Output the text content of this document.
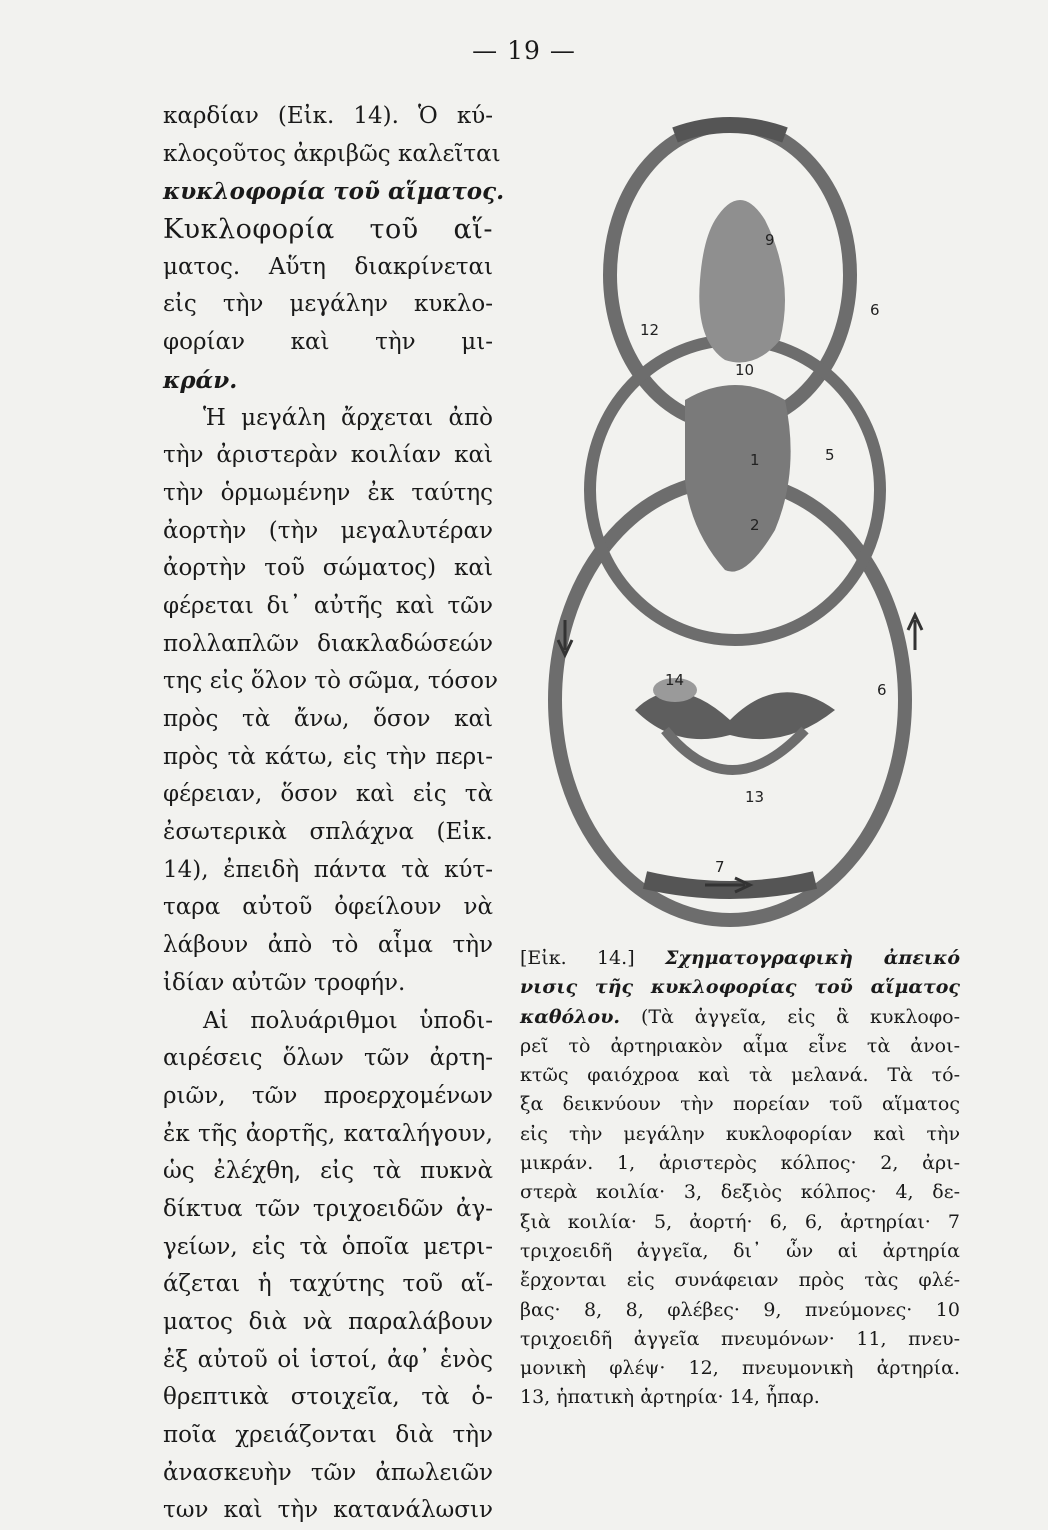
— 19 —
καρδίαν (Εἰκ. 14). Ὁ κύ-
κλοςοῦτος ἀκριβῶς καλεῖται
κυκλοφορία τοῦ αἵματος.
Κυκλοφορία τοῦ αἵ-
ματος. Αὕτη διακρίνεται
εἰς τὴν μεγάλην κυκλο-
φορίαν καὶ τὴν μι-
κράν.
Ἡ μεγάλη ἄρχεται ἀπὸ
τὴν ἀριστερὰν κοιλίαν καὶ
τὴν ὁρμωμένην ἐκ ταύτης
ἀορτὴν (τὴν μεγαλυτέραν
ἀορτὴν τοῦ σώματος) καὶ
φέρεται δι᾽ αὐτῆς καὶ τῶν
πολλαπλῶν διακλαδώσεών
της εἰς ὅλον τὸ σῶμα, τόσον
πρὸς τὰ ἄνω, ὅσον καὶ
πρὸς τὰ κάτω, εἰς τὴν περι-
φέρειαν, ὅσον καὶ εἰς τὰ
ἐσωτερικὰ σπλάχνα (Εἰκ.
14), ἐπειδὴ πάντα τὰ κύτ-
ταρα αὐτοῦ ὀφείλουν νὰ
λάβουν ἀπὸ τὸ αἷμα τὴν
ἰδίαν αὐτῶν τροφήν.
Αἱ πολυάριθμοι ὑποδι-
αιρέσεις ὅλων τῶν ἀρτη-
ριῶν, τῶν προερχομένων
ἐκ τῆς ἀορτῆς, καταλήγουν,
ὡς ἐλέχθη, εἰς τὰ πυκνὰ
δίκτυα τῶν τριχοειδῶν ἀγ-
γείων, εἰς τὰ ὁποῖα μετρι-
άζεται ἡ ταχύτης τοῦ αἵ-
ματος διὰ νὰ παραλάβουν
ἐξ αὐτοῦ οἱ ἱστοί, ἀφ᾽ ἑνὸς
θρεπτικὰ στοιχεῖα, τὰ ὁ-
ποῖα χρειάζονται διὰ τὴν
ἀνασκευὴν τῶν ἀπωλειῶν
των καὶ τὴν κατανάλωσιν
9
6
12
10
5
1
2
14
6
13
7
[Εἰκ. 14.] Σχηματογραφικὴ ἀπεικό
νισις τῆς κυκλοφορίας τοῦ αἵματος
καθόλου. (Τὰ ἀγγεῖα, εἰς ἃ κυκλοφο-
ρεῖ τὸ ἀρτηριακὸν αἷμα εἶνε τὰ ἀνοι-
κτῶς φαιόχροα καὶ τὰ μελανά. Τὰ τό-
ξα δεικνύουν τὴν πορείαν τοῦ αἵματος
εἰς τὴν μεγάλην κυκλοφορίαν καὶ τὴν
μικράν. 1, ἀριστερὸς κόλπος· 2, ἀρι-
στερὰ κοιλία· 3, δεξιὸς κόλπος· 4, δε-
ξιὰ κοιλία· 5, ἀορτή· 6, 6, ἀρτηρίαι· 7
τριχοειδῆ ἀγγεῖα, δι᾽ ὧν αἱ ἀρτηρία
ἔρχονται εἰς συνάφειαν πρὸς τὰς φλέ-
βας· 8, 8, φλέβες· 9, πνεύμονες· 10
τριχοειδῆ ἀγγεῖα πνευμόνων· 11, πνευ-
μονικὴ φλέψ· 12, πνευμονικὴ ἀρτηρία.
13, ἡπατικὴ ἀρτηρία· 14, ἧπαρ.
